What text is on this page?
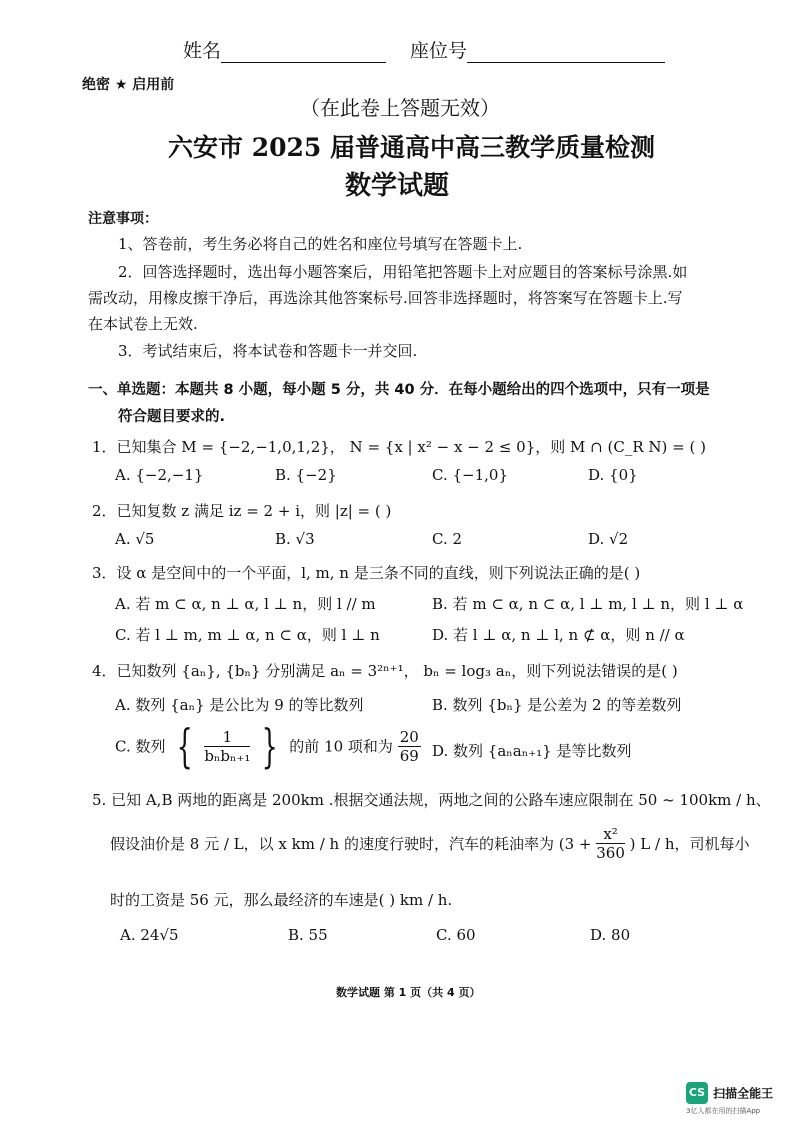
姓名	座位号
绝密 ★ 启用前
（在此卷上答题无效）
六安市 2025 届普通高中高三教学质量检测
数学试题
注意事项：
1、答卷前，考生务必将自己的姓名和座位号填写在答题卡上.
2．回答选择题时，选出每小题答案后，用铅笔把答题卡上对应题目的答案标号涂黑.如
需改动，用橡皮擦干净后，再选涂其他答案标号.回答非选择题时，将答案写在答题卡上.写
在本试卷上无效.
3．考试结束后，将本试卷和答题卡一并交回.
一、单选题：本题共 8 小题，每小题 5 分，共 40 分．在每小题给出的四个选项中，只有一项是
符合题目要求的.
1．已知集合 M = {−2,−1,0,1,2}， N = {x | x² − x − 2 ≤ 0}，则 M ∩ (C_R N) = ( )
A. {−2,−1}	B. {−2}	C. {−1,0}	D. {0}
2．已知复数 z 满足 iz = 2 + i，则 |z| = ( )
A. √5	B. √3	C. 2	D. √2
3．设 α 是空间中的一个平面，l, m, n 是三条不同的直线，则下列说法正确的是( )
A. 若 m ⊂ α, n ⊥ α, l ⊥ n，则 l // m	B. 若 m ⊂ α, n ⊂ α, l ⊥ m, l ⊥ n，则 l ⊥ α
C. 若 l ⊥ m, m ⊥ α, n ⊂ α，则 l ⊥ n	D. 若 l ⊥ α, n ⊥ l, n ⊄ α，则 n // α
4．已知数列 {aₙ}, {bₙ} 分别满足 aₙ = 3²ⁿ⁺¹， bₙ = log₃ aₙ，则下列说法错误的是( )
A. 数列 {aₙ} 是公比为 9 的等比数列	B. 数列 {bₙ} 是公差为 2 的等差数列
C. 数列 { $\frac{1}{\text{bₙbₙ₊₁}}$ } 的前 10 项和为 $\frac{20}{69} D$. 数列 {aₙaₙ₊₁} 是等比数列
5. 已知 A,B 两地的距离是 200km .根据交通法规，两地之间的公路车速应限制在 50 ~ 100km / h、
假设油价是 8 元 / L，以 x km / h 的速度行驶时，汽车的耗油率为 ($3 + \frac{\text{x²}}{360}$ ) L / h，司机每小
时的工资是 56 元，那么最经济的车速是( ) km / h.
A. 24√5	B. 55	C. 60	D. 80
数学试题 第 1 页（共 4 页）
CS 扫描全能王
3亿人都在用的扫描App
